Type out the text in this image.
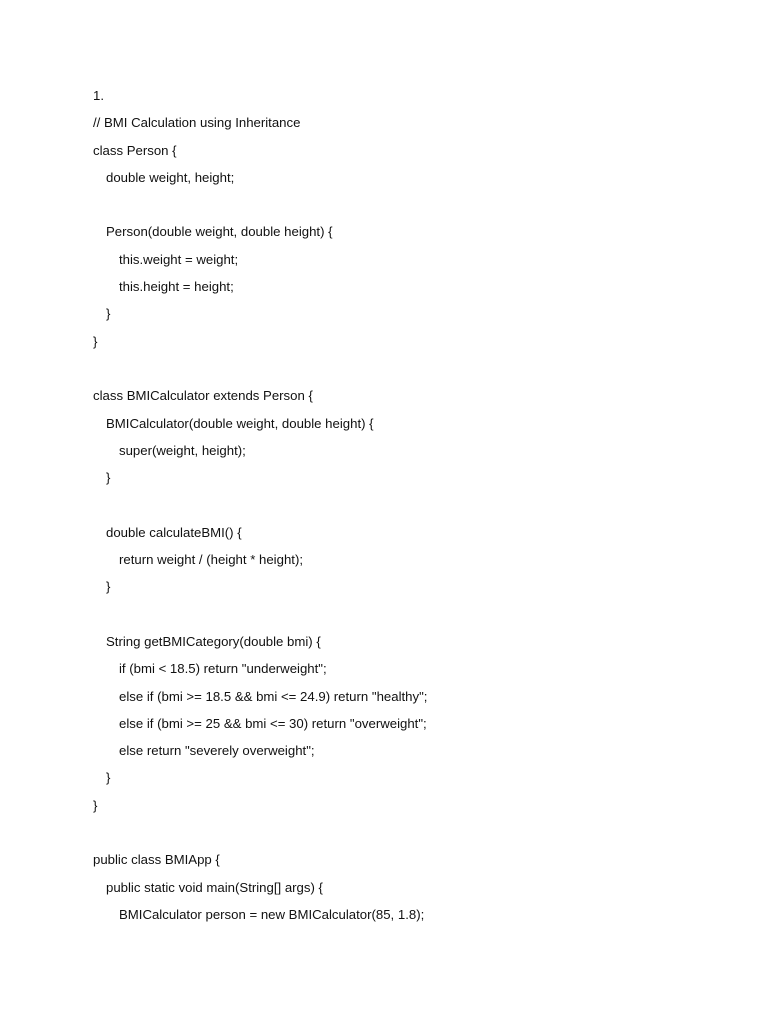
1.
// BMI Calculation using Inheritance
class Person {
double weight, height;
Person(double weight, double height) {
this.weight = weight;
this.height = height;
}
}
class BMICalculator extends Person {
BMICalculator(double weight, double height) {
super(weight, height);
}
double calculateBMI() {
return weight / (height * height);
}
String getBMICategory(double bmi) {
if (bmi < 18.5) return "underweight";
else if (bmi >= 18.5 && bmi <= 24.9) return "healthy";
else if (bmi >= 25 && bmi <= 30) return "overweight";
else return "severely overweight";
}
}
public class BMIApp {
public static void main(String[] args) {
BMICalculator person = new BMICalculator(85, 1.8);
